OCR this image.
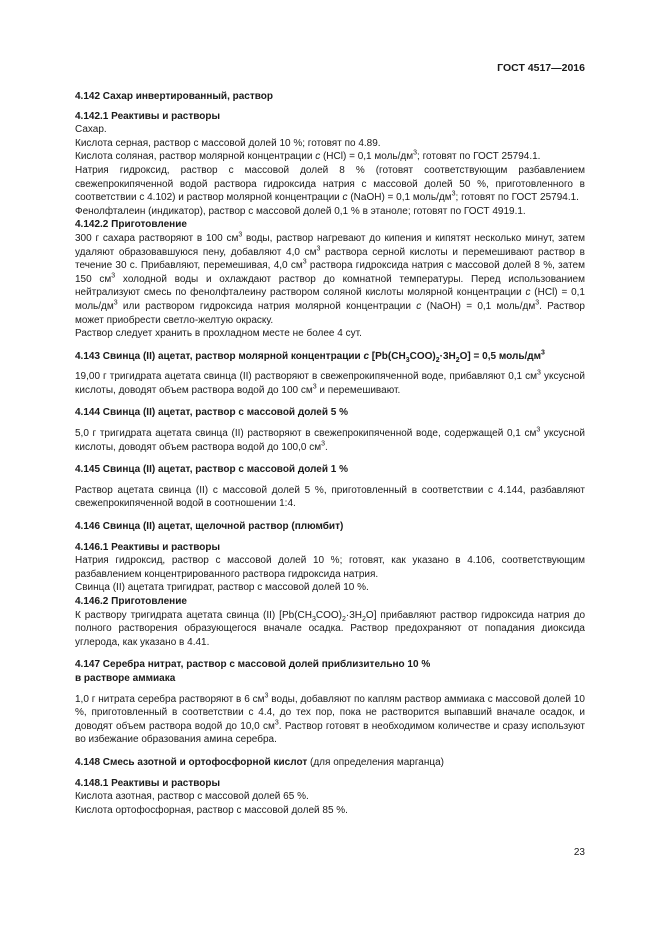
ГОСТ 4517—2016

4.142 Сахар инвертированный, раствор

4.142.1 Реактивы и растворы

Сахар.

Кислота серная, раствор с массовой долей 10 %; готовят по 4.89.

Кислота соляная, раствор молярной концентрации c (HCl) = 0,1 моль/$дм^3$; готовят по ГОСТ 25794.1.

Натрия гидроксид, раствор с массовой долей 8 % (готовят соответствующим разбавлением свежепрокипяченной водой раствора гидроксида натрия с массовой долей 50 %, приготовленного в соответствии с 4.102) и раствор молярной концентрации c (NaOH) = 0,1 моль/$дм^3$; готовят по ГОСТ 25794.1.

Фенолфталеин (индикатор), раствор с массовой долей 0,1 % в этаноле; готовят по ГОСТ 4919.1.

4.142.2 Приготовление

300 г сахара растворяют в 100 $см^3$ воды, раствор нагревают до кипения и кипятят несколько минут, затем удаляют образовавшуюся пену, добавляют 4,0 $см^3$ раствора серной кислоты и перемешивают раствор в течение 30 с. Прибавляют, перемешивая, 4,0 $см^3$ раствора гидроксида натрия с массовой долей 8 %, затем 150 $см^3$ холодной воды и охлаждают раствор до комнатной температуры. Перед использованием нейтрализуют смесь по фенолфталеину раствором соляной кислоты молярной концентрации c (HCl) = 0,1 моль/$дм^3$ или раствором гидроксида натрия молярной концентрации c (NaOH) = 0,1 моль/$дм^3$. Раствор может приобрести светло-желтую окраску.

Раствор следует хранить в прохладном месте не более 4 сут.

4.143 Свинца (II) ацетат, раствор молярной концентрации c $[Pb(CH_3COO)_2\cdot 3H_2O] = 0,5$ моль/$дм^3$

19,00 г тригидрата ацетата свинца (II) растворяют в свежепрокипяченной воде, прибавляют 0,1 $см^3$ уксусной кислоты, доводят объем раствора водой до 100 $см^3$ и перемешивают.

4.144 Свинца (II) ацетат, раствор с массовой долей 5 %

5,0 г тригидрата ацетата свинца (II) растворяют в свежепрокипяченной воде, содержащей 0,1 $см^3$ уксусной кислоты, доводят объем раствора водой до 100,0 $см^3$.

4.145 Свинца (II) ацетат, раствор с массовой долей 1 %

Раствор ацетата свинца (II) с массовой долей 5 %, приготовленный в соответствии с 4.144, разбавляют свежепрокипяченной водой в соотношении 1:4.

4.146 Свинца (II) ацетат, щелочной раствор (плюмбит)

4.146.1 Реактивы и растворы

Натрия гидроксид, раствор с массовой долей 10 %; готовят, как указано в 4.106, соответствующим разбавлением концентрированного раствора гидроксида натрия.

Свинца (II) ацетата тригидрат, раствор с массовой долей 10 %.

4.146.2 Приготовление

К раствору тригидрата ацетата свинца (II) $[Pb(CH_3COO)_2\cdot 3H_2O]$ прибавляют раствор гидроксида натрия до полного растворения образующегося вначале осадка. Раствор предохраняют от попадания диоксида углерода, как указано в 4.41.

4.147 Серебра нитрат, раствор с массовой долей приблизительно 10 %

в растворе аммиака

1,0 г нитрата серебра растворяют в 6 $см^3$ воды, добавляют по каплям раствор аммиака с массовой долей 10 %, приготовленный в соответствии с 4.4, до тех пор, пока не растворится выпавший вначале осадок, и доводят объем раствора водой до 10,0 $см^3$. Раствор готовят в необходимом количестве и сразу используют во избежание образования амина серебра.

4.148 Смесь азотной и ортофосфорной кислот (для определения марганца)

4.148.1 Реактивы и растворы

Кислота азотная, раствор с массовой долей 65 %.

Кислота ортофосфорная, раствор с массовой долей 85 %.

23
